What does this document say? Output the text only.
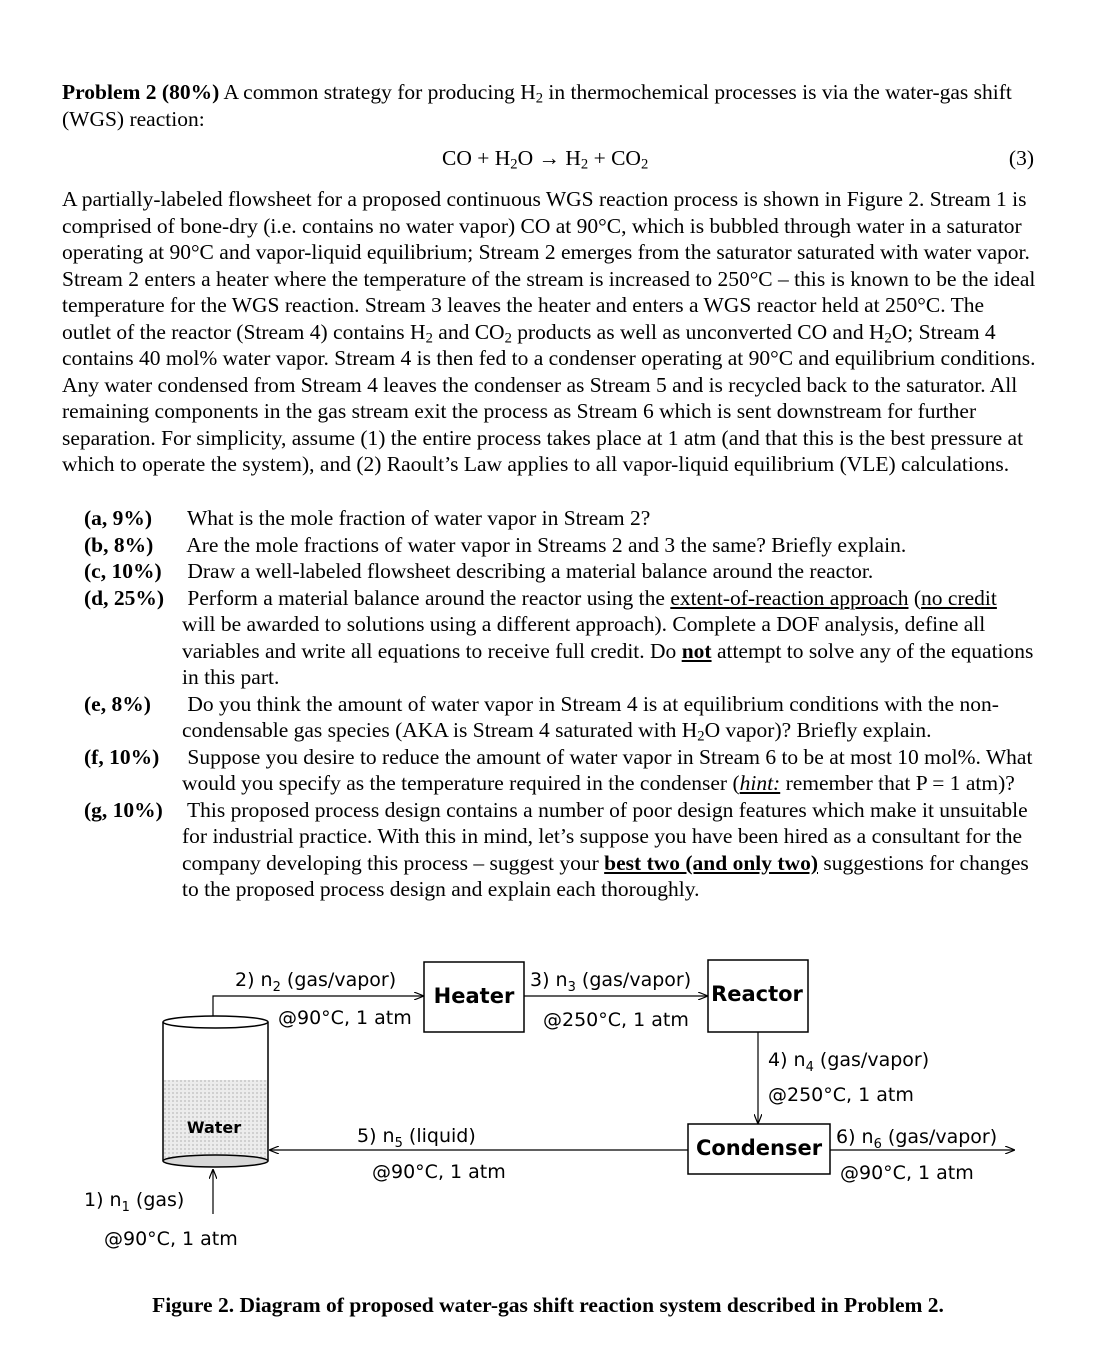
Problem 2 (80%) A common strategy for producing $H_2$ in thermochemical processes is via the water-gas shift (WGS) reaction:

CO + $H_2O \to H_2 + CO_2$	(3)

A partially-labeled flowsheet for a proposed continuous WGS reaction process is shown in Figure 2. Stream 1 is comprised of bone-dry (i.e. contains no water vapor) CO at 90°C, which is bubbled through water in a saturator operating at 90°C and vapor-liquid equilibrium; Stream 2 emerges from the saturator saturated with water vapor. Stream 2 enters a heater where the temperature of the stream is increased to 250°C – this is known to be the ideal temperature for the WGS reaction. Stream 3 leaves the heater and enters a WGS reactor held at 250°C. The outlet of the reactor (Stream 4) contains $H_2$ and $CO_2$ products as well as unconverted CO and $H_2O$; Stream 4 contains 40 mol% water vapor. Stream 4 is then fed to a condenser operating at 90°C and equilibrium conditions. Any water condensed from Stream 4 leaves the condenser as Stream 5 and is recycled back to the saturator. All remaining components in the gas stream exit the process as Stream 6 which is sent downstream for further separation. For simplicity, assume (1) the entire process takes place at 1 atm (and that this is the best pressure at which to operate the system), and (2) Raoult’s Law applies to all vapor-liquid equilibrium (VLE) calculations.

(a, 9%) What is the mole fraction of water vapor in Stream 2?
(b, 8%) Are the mole fractions of water vapor in Streams 2 and 3 the same? Briefly explain.
(c, 10%) Draw a well-labeled flowsheet describing a material balance around the reactor.
(d, 25%) Perform a material balance around the reactor using the extent-of-reaction approach (no credit will be awarded to solutions using a different approach). Complete a DOF analysis, define all variables and write all equations to receive full credit. Do not attempt to solve any of the equations in this part.
(e, 8%) Do you think the amount of water vapor in Stream 4 is at equilibrium conditions with the non-condensable gas species (AKA is Stream 4 saturated with $H_2O$ vapor)? Briefly explain.
(f, 10%) Suppose you desire to reduce the amount of water vapor in Stream 6 to be at most 10 mol%. What would you specify as the temperature required in the condenser (hint: remember that P = 1 atm)?
(g, 10%) This proposed process design contains a number of poor design features which make it unsuitable for industrial practice. With this in mind, let’s suppose you have been hired as a consultant for the company developing this process – suggest your best two (and only two) suggestions for changes to the proposed process design and explain each thoroughly.
Water
1) $n_1$ (gas)
@90°C, 1 atm
2) $n_2$ (gas/vapor)
@90°C, 1 atm
Heater
3) $n_3$ (gas/vapor)
@250°C, 1 atm
Reactor
4) $n_4$ (gas/vapor)
@250°C, 1 atm
Condenser
5) $n_5$ (liquid)
@90°C, 1 atm
6) $n_6$ (gas/vapor)
@90°C, 1 atm
Figure 2. Diagram of proposed water-gas shift reaction system described in Problem 2.
